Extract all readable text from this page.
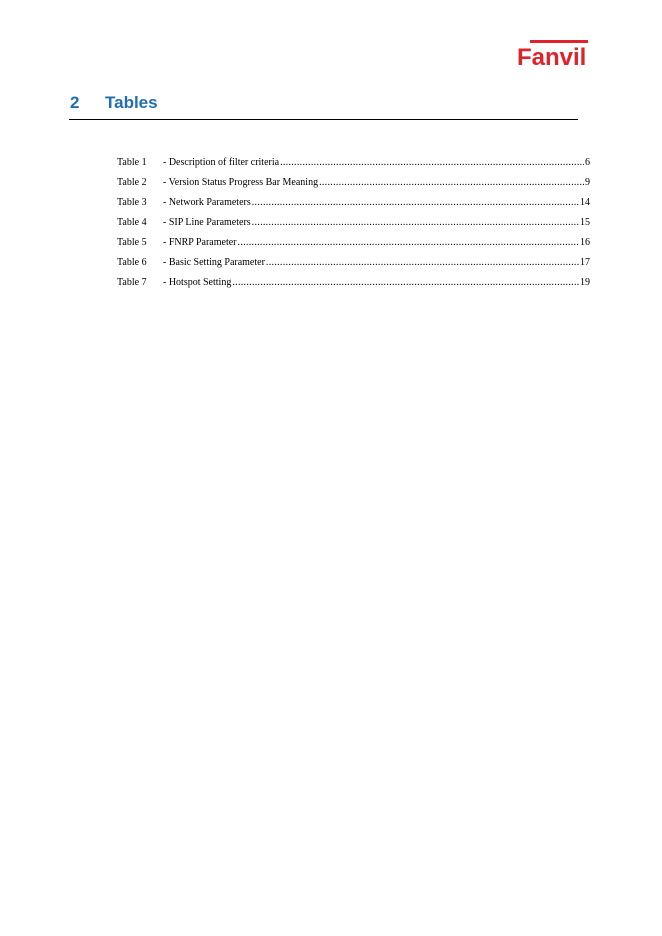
Fanvil
2 Tables
Table 1	- Description of filter criteria .....	6
Table 2	- Version Status Progress Bar Meaning .....	9
Table 3	- Network Parameters .....	14
Table 4	- SIP Line Parameters .....	15
Table 5	- FNRP Parameter .....	16
Table 6	- Basic Setting Parameter .....	17
Table 7	- Hotspot Setting .....	19
